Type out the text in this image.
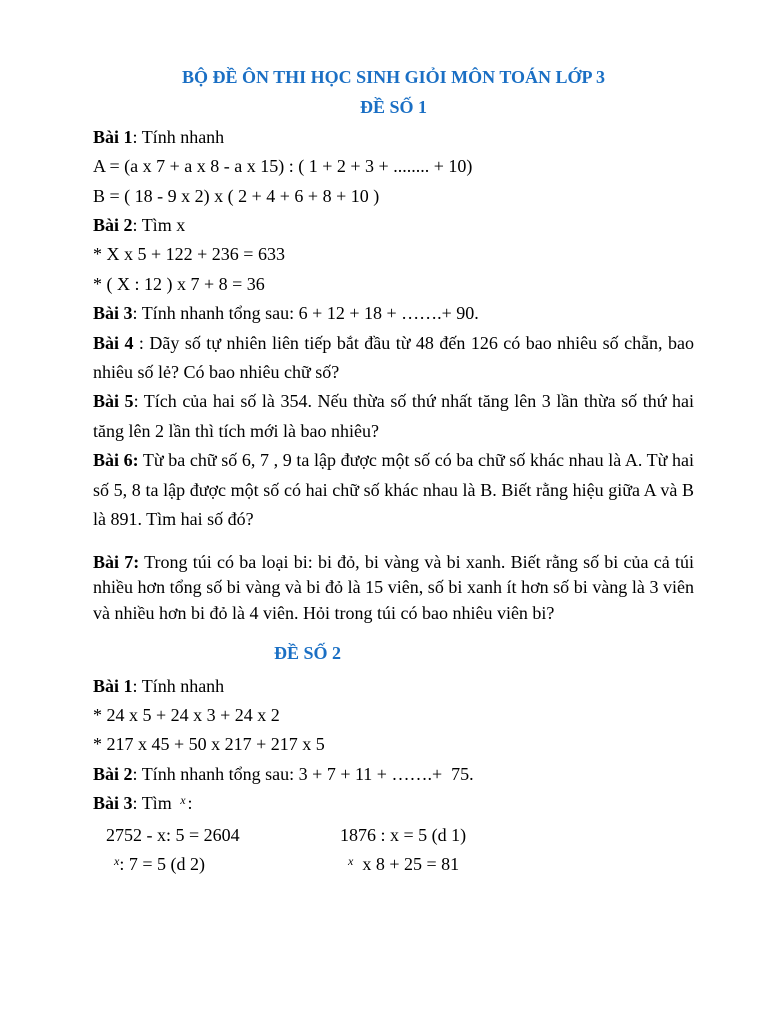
BỘ ĐỀ ÔN THI HỌC SINH GIỎI MÔN TOÁN LỚP 3

ĐỀ SỐ 1

Bài 1: Tính nhanh

A = (a x 7 + a x 8 - a x 15) : ( 1 + 2 + 3 + ........ + 10)

B = ( 18 - 9 x 2) x ( 2 + 4 + 6 + 8 + 10 )

Bài 2: Tìm x

* X x 5 + 122 + 236 = 633

* ( X : 12 ) x 7 + 8 = 36

Bài 3: Tính nhanh tổng sau: 6 + 12 + 18 + …….+ 90.

Bài 4 : Dãy số tự nhiên liên tiếp bắt đầu từ 48 đến 126 có bao nhiêu số chẵn, bao nhiêu số lẻ? Có bao nhiêu chữ số?

Bài 5: Tích của hai số là 354. Nếu thừa số thứ nhất tăng lên 3 lần thừa số thứ hai tăng lên 2 lần thì tích mới là bao nhiêu?

Bài 6: Từ ba chữ số 6, 7 , 9 ta lập được một số có ba chữ số khác nhau là A. Từ hai số 5, 8 ta lập được một số có hai chữ số khác nhau là B. Biết rằng hiệu giữa A và B là 891. Tìm hai số đó?

Bài 7: Trong túi có ba loại bi: bi đỏ, bi vàng và bi xanh. Biết rằng số bi của cả túi nhiều hơn tổng số bi vàng và bi đỏ là 15 viên, số bi xanh ít hơn số bi vàng là 3 viên và nhiều hơn bi đỏ là 4 viên. Hỏi trong túi có bao nhiêu viên bi?

ĐỀ SỐ 2

Bài 1: Tính nhanh

* 24 x 5 + 24 x 3 + 24 x 2

* 217 x 45 + 50 x 217 + 217 x 5

Bài 2: Tính nhanh tổng sau: 3 + 7 + 11 + …….+  75.

Bài 3: Tìm $^x$ :

2752 - x: 5 = 2604	1876 : x = 5 (d 1)
$^x$: 7 = 5 (d 2)	$^x$ x 8 + 25 = 81
